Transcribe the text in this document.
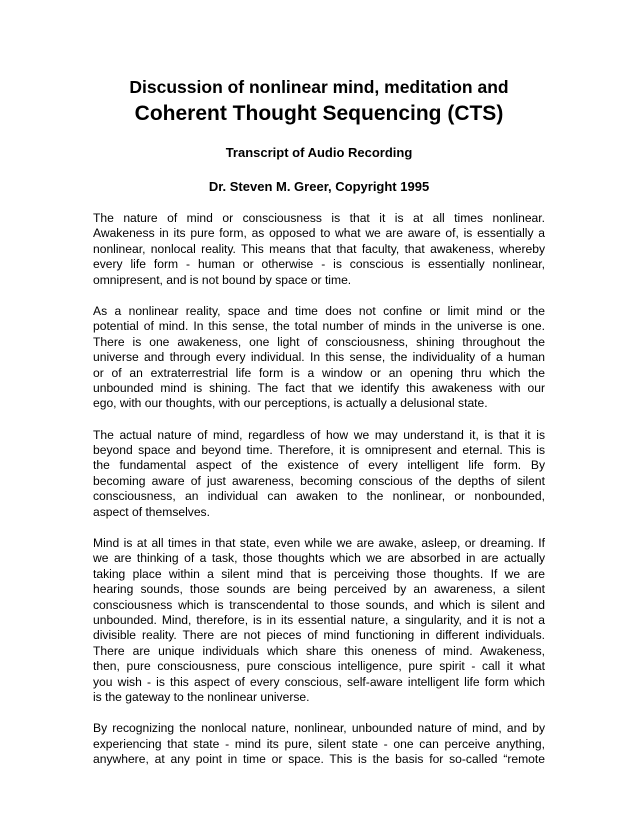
Discussion of nonlinear mind, meditation and
Coherent Thought Sequencing (CTS)
Transcript of Audio Recording
Dr. Steven M. Greer, Copyright 1995
The nature of mind or consciousness is that it is at all times nonlinear.
Awakeness in its pure form, as opposed to what we are aware of, is essentially a
nonlinear, nonlocal reality. This means that that faculty, that awakeness, whereby
every life form - human or otherwise - is conscious is essentially nonlinear,
omnipresent, and is not bound by space or time.
As a nonlinear reality, space and time does not confine or limit mind or the
potential of mind. In this sense, the total number of minds in the universe is one.
There is one awakeness, one light of consciousness, shining throughout the
universe and through every individual. In this sense, the individuality of a human
or of an extraterrestrial life form is a window or an opening thru which the
unbounded mind is shining. The fact that we identify this awakeness with our
ego, with our thoughts, with our perceptions, is actually a delusional state.
The actual nature of mind, regardless of how we may understand it, is that it is
beyond space and beyond time. Therefore, it is omnipresent and eternal. This is
the fundamental aspect of the existence of every intelligent life form. By
becoming aware of just awareness, becoming conscious of the depths of silent
consciousness, an individual can awaken to the nonlinear, or nonbounded,
aspect of themselves.
Mind is at all times in that state, even while we are awake, asleep, or dreaming. If
we are thinking of a task, those thoughts which we are absorbed in are actually
taking place within a silent mind that is perceiving those thoughts. If we are
hearing sounds, those sounds are being perceived by an awareness, a silent
consciousness which is transcendental to those sounds, and which is silent and
unbounded. Mind, therefore, is in its essential nature, a singularity, and it is not a
divisible reality. There are not pieces of mind functioning in different individuals.
There are unique individuals which share this oneness of mind. Awakeness,
then, pure consciousness, pure conscious intelligence, pure spirit - call it what
you wish - is this aspect of every conscious, self-aware intelligent life form which
is the gateway to the nonlinear universe.
By recognizing the nonlocal nature, nonlinear, unbounded nature of mind, and by
experiencing that state - mind its pure, silent state - one can perceive anything,
anywhere, at any point in time or space. This is the basis for so-called “remote
